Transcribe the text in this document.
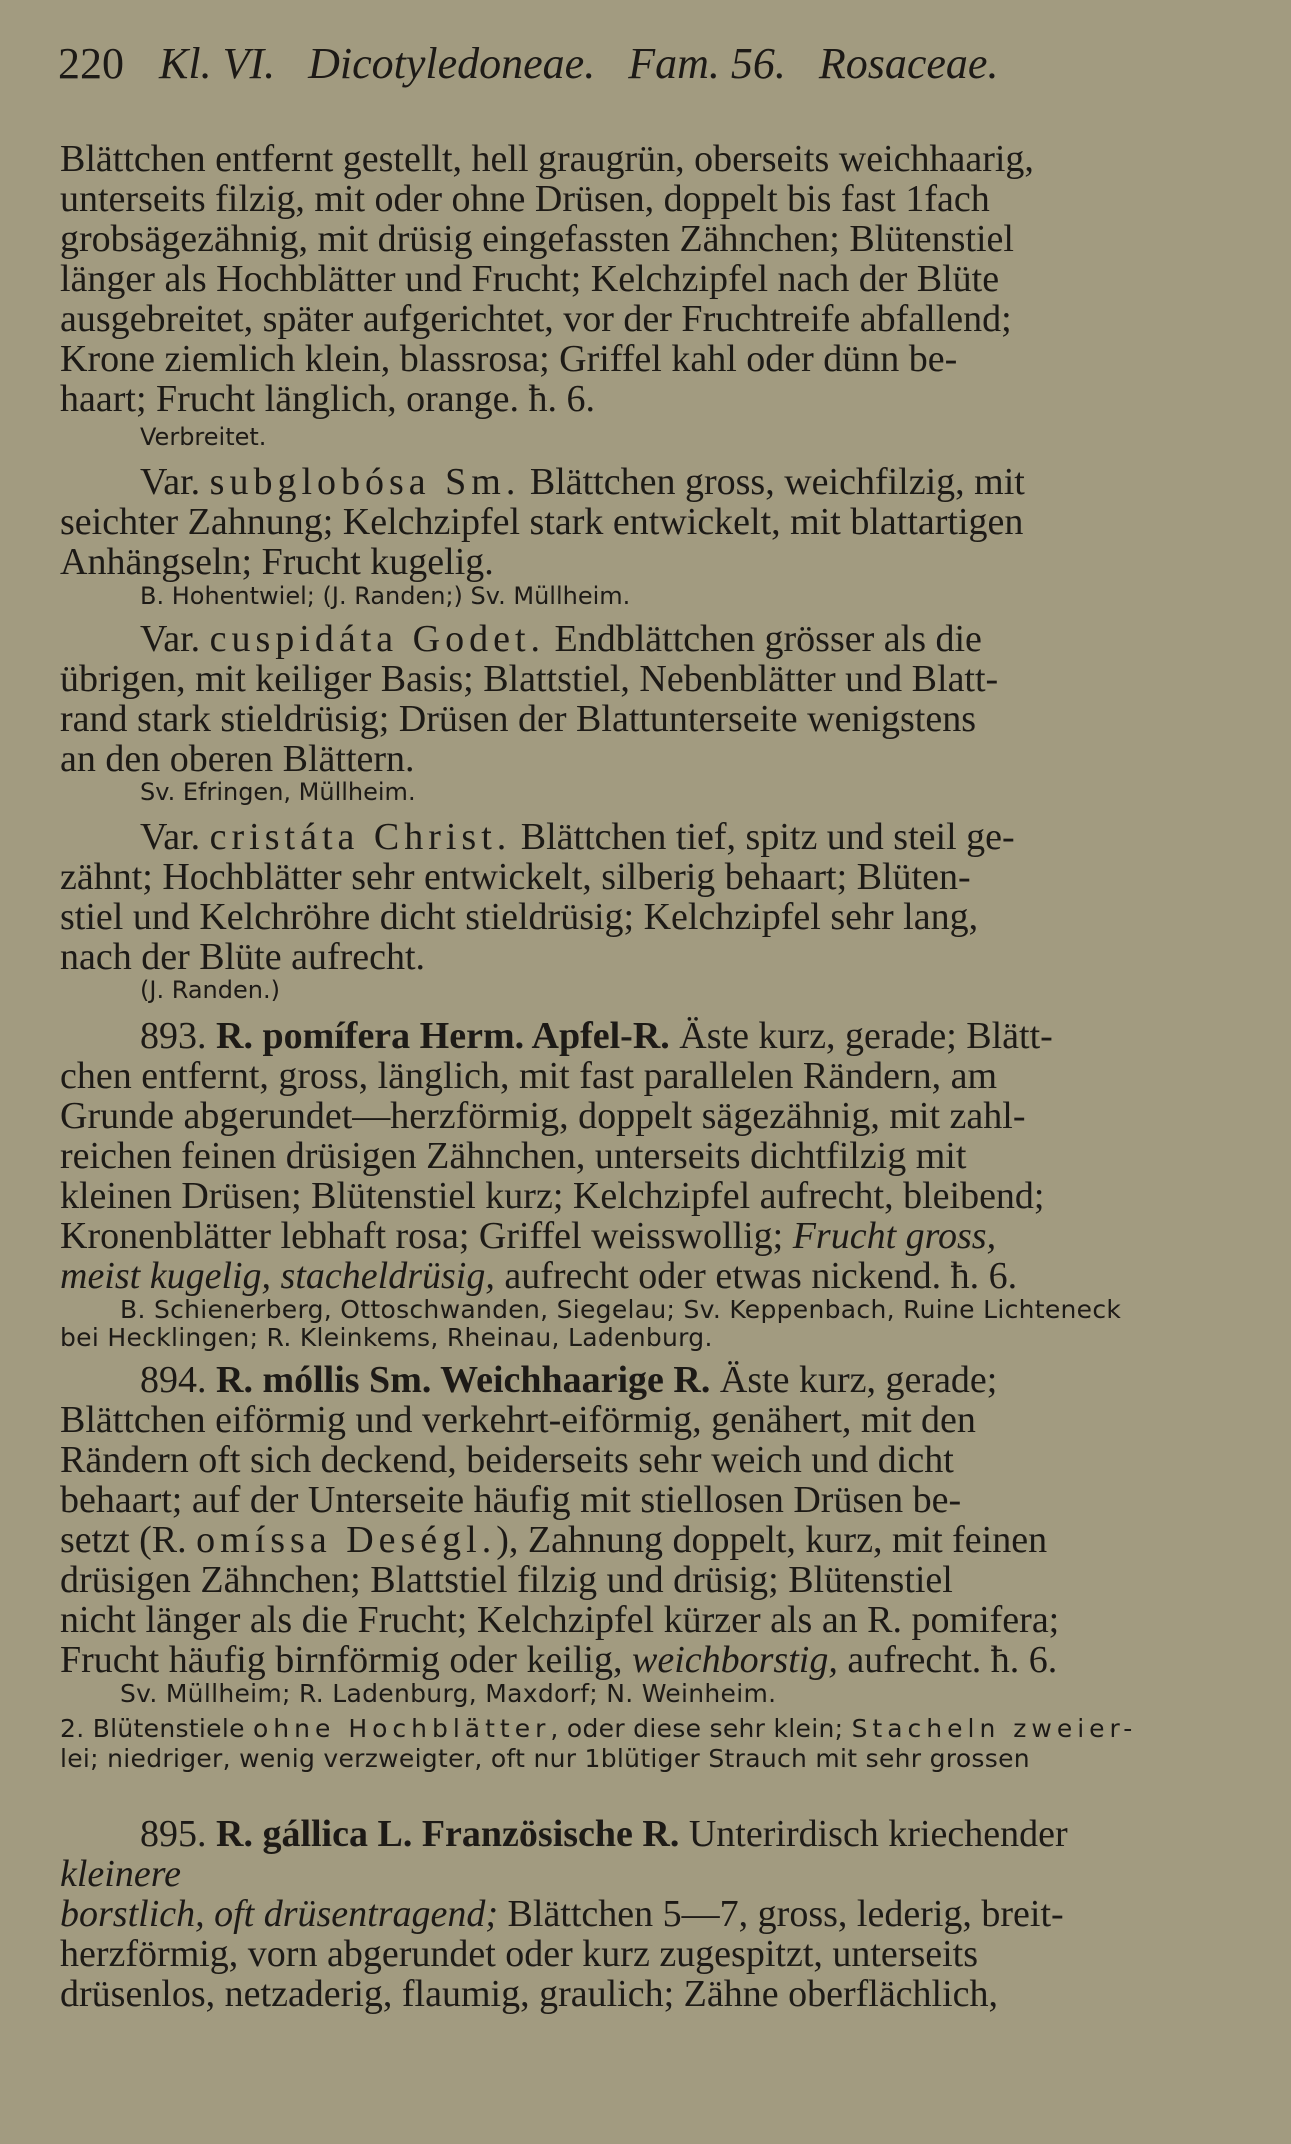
220 Kl. VI. Dicotyledoneae. Fam. 56. Rosaceae.
Blättchen entfernt gestellt, hell graugrün, oberseits weichhaarig,
unterseits filzig, mit oder ohne Drüsen, doppelt bis fast 1fach
grobsägezähnig, mit drüsig eingefassten Zähnchen; Blütenstiel
länger als Hochblätter und Frucht; Kelchzipfel nach der Blüte
ausgebreitet, später aufgerichtet, vor der Fruchtreife abfallend;
Krone ziemlich klein, blassrosa; Griffel kahl oder dünn be-
haart; Frucht länglich, orange. ħ. 6.
Verbreitet.
Var. subglobósa Sm. Blättchen gross, weichfilzig, mit
seichter Zahnung; Kelchzipfel stark entwickelt, mit blattartigen
Anhängseln; Frucht kugelig.
B. Hohentwiel; (J. Randen;) Sv. Müllheim.
Var. cuspidáta Godet. Endblättchen grösser als die
übrigen, mit keiliger Basis; Blattstiel, Nebenblätter und Blatt-
rand stark stieldrüsig; Drüsen der Blattunterseite wenigstens
an den oberen Blättern.
Sv. Efringen, Müllheim.
Var. cristáta Christ. Blättchen tief, spitz und steil ge-
zähnt; Hochblätter sehr entwickelt, silberig behaart; Blüten-
stiel und Kelchröhre dicht stieldrüsig; Kelchzipfel sehr lang,
nach der Blüte aufrecht.
(J. Randen.)
893. R. pomífera Herm. Apfel-R. Äste kurz, gerade; Blätt-
chen entfernt, gross, länglich, mit fast parallelen Rändern, am
Grunde abgerundet—herzförmig, doppelt sägezähnig, mit zahl-
reichen feinen drüsigen Zähnchen, unterseits dichtfilzig mit
kleinen Drüsen; Blütenstiel kurz; Kelchzipfel aufrecht, bleibend;
Kronenblätter lebhaft rosa; Griffel weisswollig; Frucht gross,
meist kugelig, stacheldrüsig, aufrecht oder etwas nickend. ħ. 6.
B. Schienerberg, Ottoschwanden, Siegelau; Sv. Keppenbach, Ruine Lichteneck
bei Hecklingen; R. Kleinkems, Rheinau, Ladenburg.
894. R. móllis Sm. Weichhaarige R. Äste kurz, gerade;
Blättchen eiförmig und verkehrt-eiförmig, genähert, mit den
Rändern oft sich deckend, beiderseits sehr weich und dicht
behaart; auf der Unterseite häufig mit stiellosen Drüsen be-
setzt (R. omíssa Deségl.), Zahnung doppelt, kurz, mit feinen
drüsigen Zähnchen; Blattstiel filzig und drüsig; Blütenstiel
nicht länger als die Frucht; Kelchzipfel kürzer als an R. pomifera;
Frucht häufig birnförmig oder keilig, weichborstig, aufrecht. ħ. 6.
Sv. Müllheim; R. Ladenburg, Maxdorf; N. Weinheim.
2. Blütenstiele ohne Hochblätter, oder diese sehr klein; Stacheln zweier-
lei; niedriger, wenig verzweigter, oft nur 1blütiger Strauch mit sehr grossen
895. R. gállica L. Französische R. Unterirdisch kriechender
kleinere
borstlich, oft drüsentragend; Blättchen 5—7, gross, lederig, breit-
herzförmig, vorn abgerundet oder kurz zugespitzt, unterseits
drüsenlos, netzaderig, flaumig, graulich; Zähne oberflächlich,
